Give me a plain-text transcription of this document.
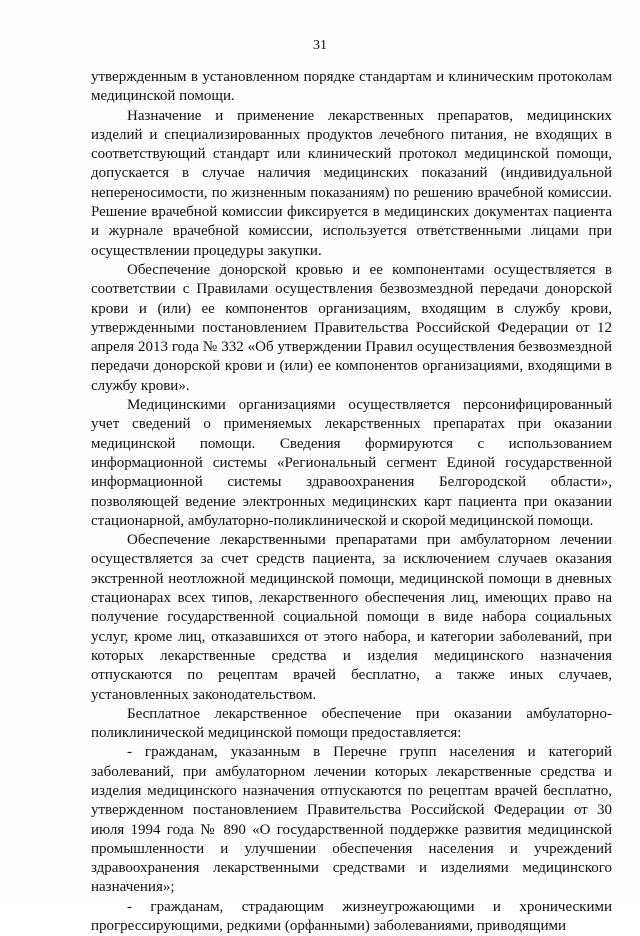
31

утвержденным в установленном порядке стандартам и клиническим протоколам медицинской помощи.

Назначение и применение лекарственных препаратов, медицинских изделий и специализированных продуктов лечебного питания, не входящих в соответствующий стандарт или клинический протокол медицинской помощи, допускается в случае наличия медицинских показаний (индивидуальной непереносимости, по жизненным показаниям) по решению врачебной комиссии. Решение врачебной комиссии фиксируется в медицинских документах пациента и журнале врачебной комиссии, используется ответственными лицами при осуществлении процедуры закупки.

Обеспечение донорской кровью и ее компонентами осуществляется в соответствии с Правилами осуществления безвозмездной передачи донорской крови и (или) ее компонентов организациям, входящим в службу крови, утвержденными постановлением Правительства Российской Федерации от 12 апреля 2013 года № 332 «Об утверждении Правил осуществления безвозмездной передачи донорской крови и (или) ее компонентов организациями, входящими в службу крови».

Медицинскими организациями осуществляется персонифицированный учет сведений о применяемых лекарственных препаратах при оказании медицинской помощи. Сведения формируются с использованием информационной системы «Региональный сегмент Единой государственной информационной системы здравоохранения Белгородской области», позволяющей ведение электронных медицинских карт пациента при оказании стационарной, амбулаторно-поликлинической и скорой медицинской помощи.

Обеспечение лекарственными препаратами при амбулаторном лечении осуществляется за счет средств пациента, за исключением случаев оказания экстренной неотложной медицинской помощи, медицинской помощи в дневных стационарах всех типов, лекарственного обеспечения лиц, имеющих право на получение государственной социальной помощи в виде набора социальных услуг, кроме лиц, отказавшихся от этого набора, и категории заболеваний, при которых лекарственные средства и изделия медицинского назначения отпускаются по рецептам врачей бесплатно, а также иных случаев, установленных законодательством.

Бесплатное лекарственное обеспечение при оказании амбулаторно-поликлинической медицинской помощи предоставляется:

- гражданам, указанным в Перечне групп населения и категорий заболеваний, при амбулаторном лечении которых лекарственные средства и изделия медицинского назначения отпускаются по рецептам врачей бесплатно, утвержденном постановлением Правительства Российской Федерации от 30 июля 1994 года № 890 «О государственной поддержке развития медицинской промышленности и улучшении обеспечения населения и учреждений здравоохранения лекарственными средствами и изделиями медицинского назначения»;

- гражданам, страдающим жизнеугрожающими и хроническими прогрессирующими, редкими (орфанными) заболеваниями, приводящими
